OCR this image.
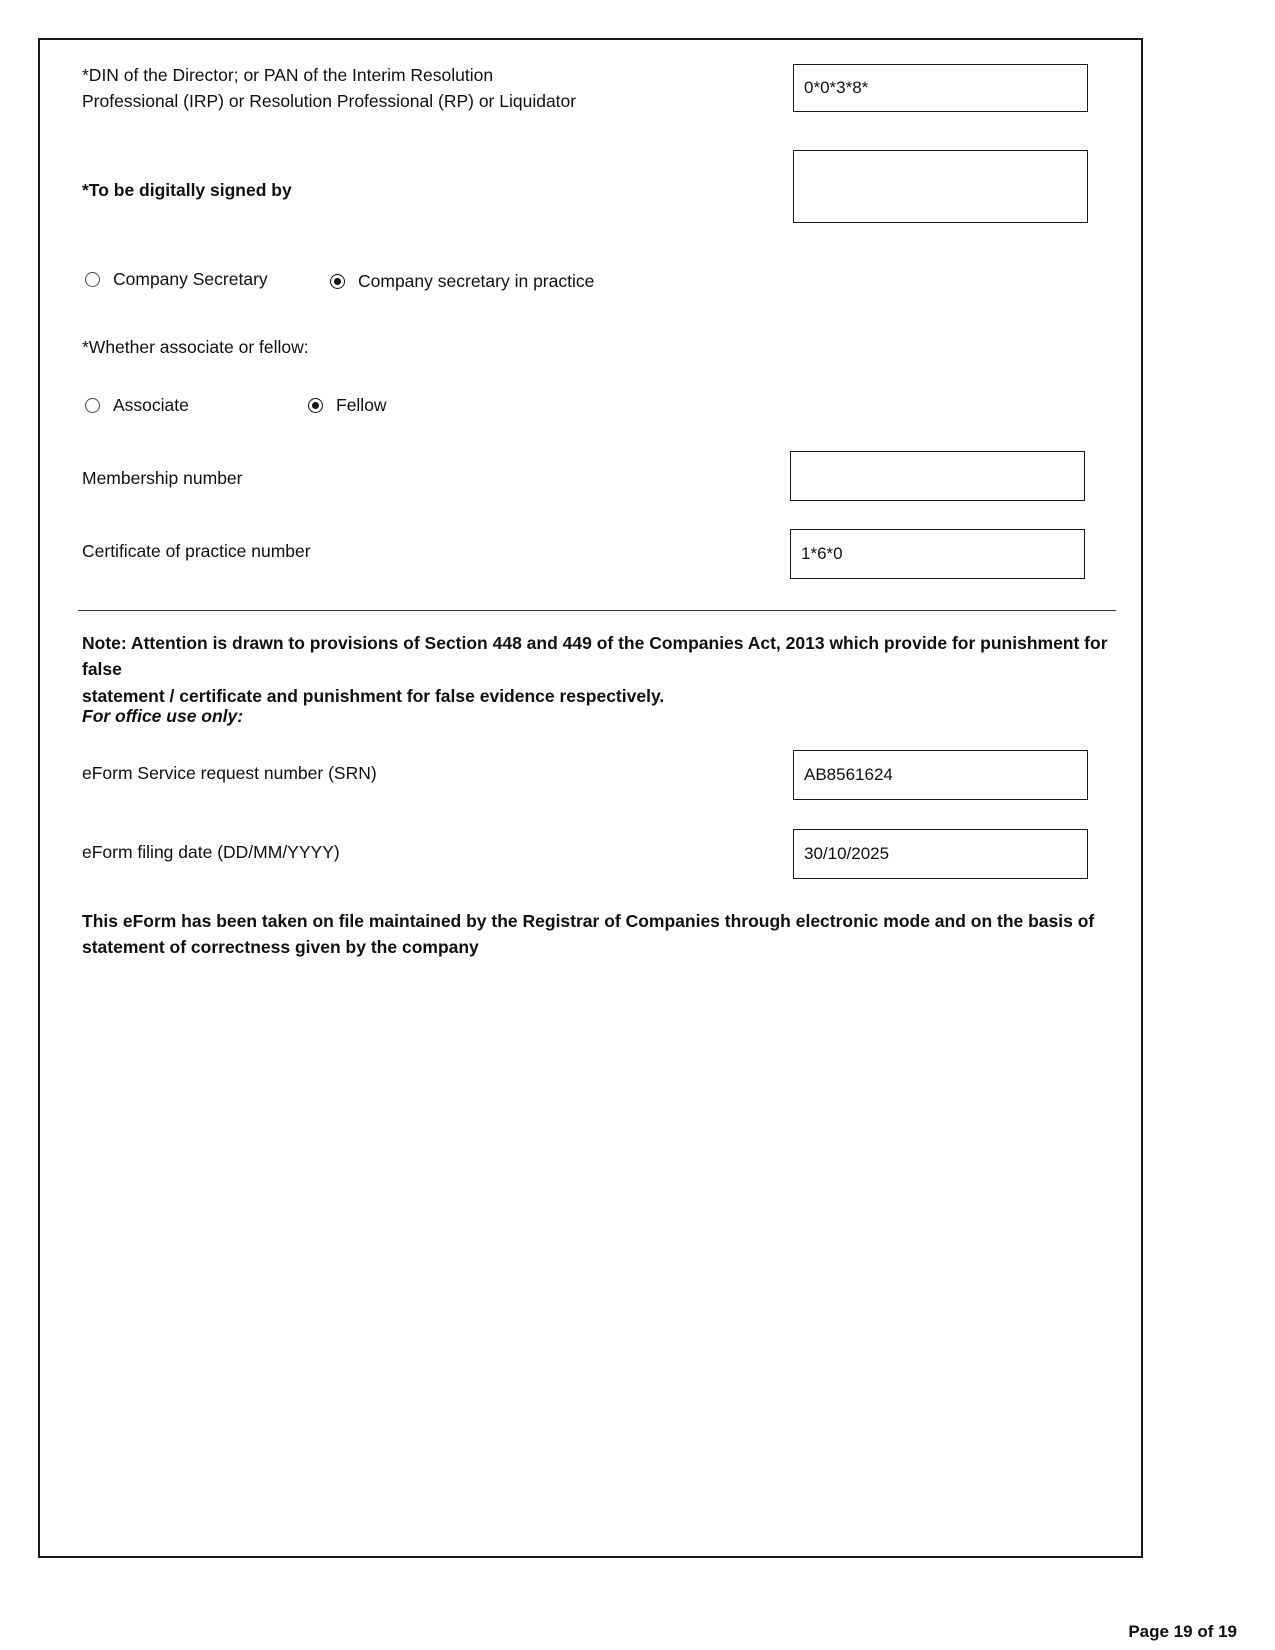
*DIN of the Director; or PAN of the Interim Resolution
Professional (IRP) or Resolution Professional (RP) or Liquidator
0*0*3*8*
*To be digitally signed by
Company Secretary	Company secretary in practice
*Whether associate or fellow:
Associate	Fellow
Membership number
Certificate of practice number	1*6*0
Note: Attention is drawn to provisions of Section 448 and 449 of the Companies Act, 2013 which provide for punishment for false
statement / certificate and punishment for false evidence respectively.
For office use only:
eForm Service request number (SRN)	AB8561624
eForm filing date (DD/MM/YYYY)	30/10/2025
This eForm has been taken on file maintained by the Registrar of Companies through electronic mode and on the basis of
statement of correctness given by the company
Page 19 of 19
